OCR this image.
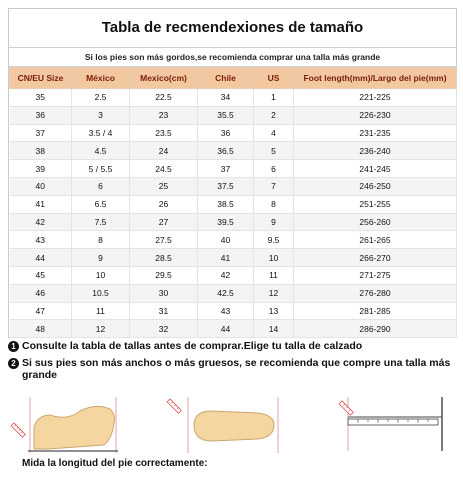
Tabla de recmendexiones de tamaño
Si los pies son más gordos,se recomienda comprar una talla más grande
CN/EU Size	México	Mexico(cm)	Chile	US	Foot length(mm)/Largo del pie(mm)
35	2.5	22.5	34	1	221-225
36	3	23	35.5	2	226-230
37	3.5 / 4	23.5	36	4	231-235
38	4.5	24	36.5	5	236-240
39	5 / 5.5	24.5	37	6	241-245
40	6	25	37.5	7	246-250
41	6.5	26	38.5	8	251-255
42	7.5	27	39.5	9	256-260
43	8	27.5	40	9.5	261-265
44	9	28.5	41	10	266-270
45	10	29.5	42	11	271-275
46	10.5	30	42.5	12	276-280
47	11	31	43	13	281-285
48	12	32	44	14	286-290
1 Consulte la tabla de tallas antes de comprar.Elige tu talla de calzado
2 Si sus pies son más anchos o más gruesos, se recomienda que compre una talla más grande
Mida la longitud del pie correctamente:
